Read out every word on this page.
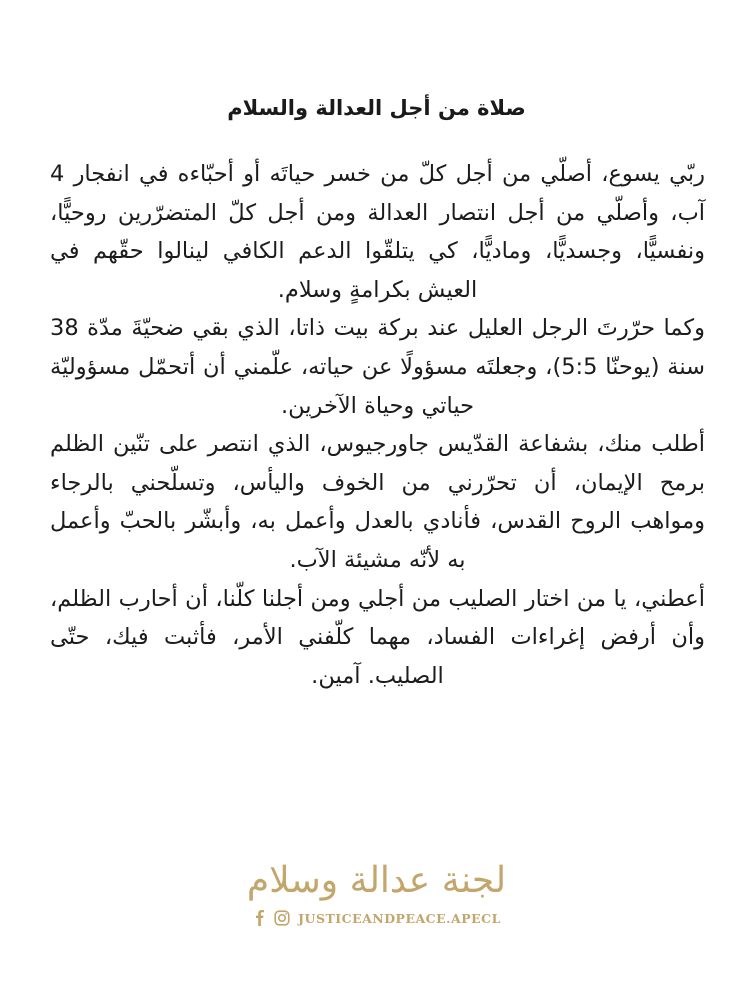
صلاة من أجل العدالة والسلام

ربّي يسوع، أصلّي من أجل كلّ من خسر حياتَه أو أحبّاءه في انفجار 4 آب، وأصلّي من أجل انتصار العدالة ومن أجل كلّ المتضرّرين روحيًّا، ونفسيًّا، وجسديًّا، وماديًّا، كي يتلقّوا الدعم الكافي لينالوا حقّهم في العيش بكرامةٍ وسلام.

وكما حرّرتَ الرجل العليل عند بركة بيت ذاتا، الذي بقي ضحيّةَ مدّة 38 سنة (يوحنّا 5:5)، وجعلتَه مسؤولًا عن حياته، علّمني أن أتحمّل مسؤوليّة حياتي وحياة الآخرين.

أطلب منك، بشفاعة القدّيس جاورجيوس، الذي انتصر على تنّين الظلم برمح الإيمان، أن تحرّرني من الخوف واليأس، وتسلّحني بالرجاء ومواهب الروح القدس، فأنادي بالعدل وأعمل به، وأبشّر بالحبّ وأعمل به لأنّه مشيئة الآب.

أعطني، يا من اختار الصليب من أجلي ومن أجلنا كلّنا، أن أحارب الظلم، وأن أرفض إغراءات الفساد، مهما كلّفني الأمر، فأثبت فيك، حتّى الصليب. آمين.

لجنة عدالة وسلام
JUSTICEANDPEACE.APECL
